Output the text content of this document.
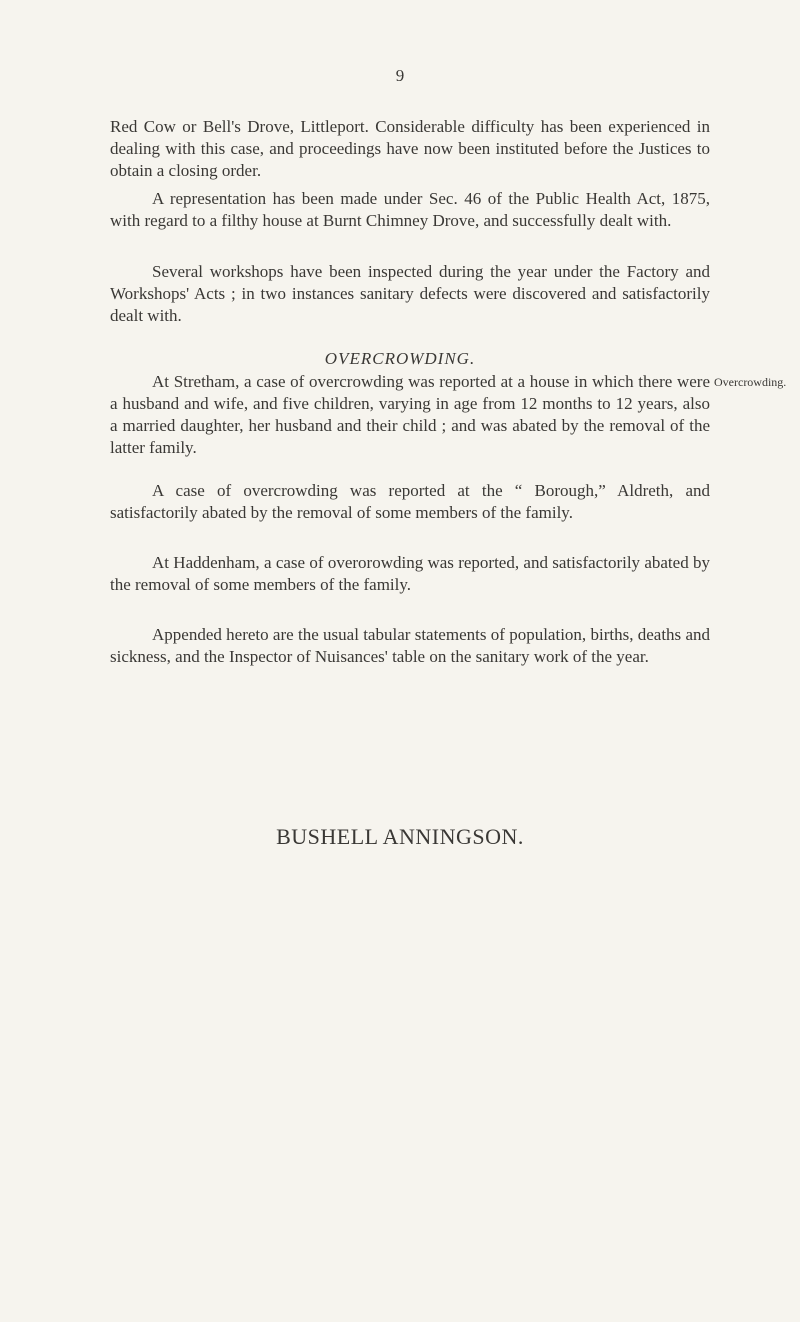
9

Red Cow or Bell's Drove, Littleport. Considerable difficulty has been experienced in dealing with this case, and proceedings have now been instituted before the Justices to obtain a closing order.

A representation has been made under Sec. 46 of the Public Health Act, 1875, with regard to a filthy house at Burnt Chimney Drove, and successfully dealt with.

Several workshops have been inspected during the year under the Factory and Workshops' Acts ; in two instances sanitary defects were discovered and satisfactorily dealt with.

OVERCROWDING.
Overcrowding.

At Stretham, a case of overcrowding was reported at a house in which there were a husband and wife, and five children, varying in age from 12 months to 12 years, also a married daughter, her husband and their child ; and was abated by the removal of the latter family.

A case of overcrowding was reported at the “ Borough,” Aldreth, and satisfactorily abated by the removal of some members of the family.

At Haddenham, a case of overorowding was reported, and satisfactorily abated by the removal of some members of the family.

Appended hereto are the usual tabular statements of population, births, deaths and sickness, and the Inspector of Nuisances' table on the sanitary work of the year.

BUSHELL ANNINGSON.
